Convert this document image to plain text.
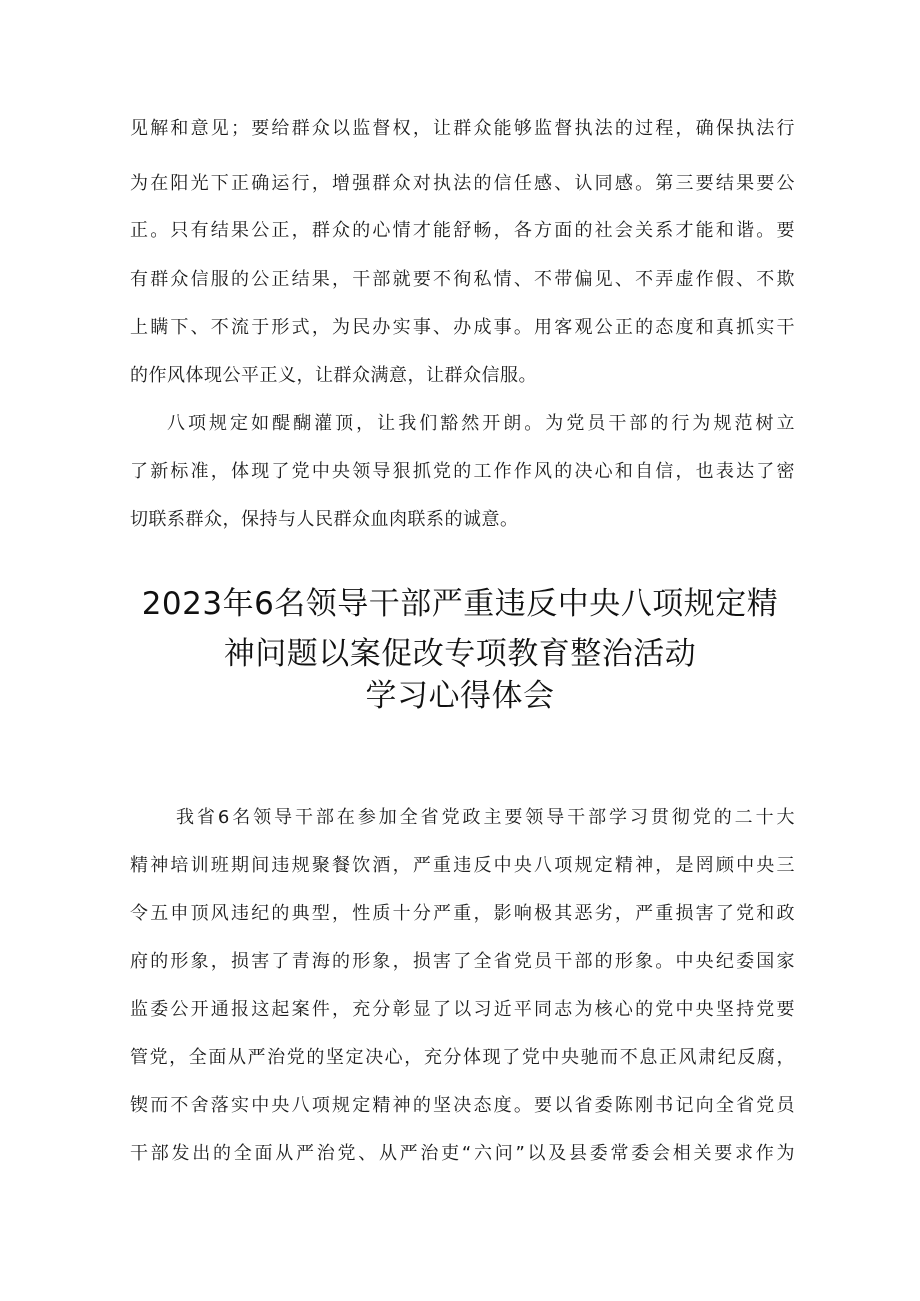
见解和意见；要给群众以监督权，让群众能够监督执法的过程，确保执法行
为在阳光下正确运行，增强群众对执法的信任感、认同感。第三要结果要公
正。只有结果公正，群众的心情才能舒畅，各方面的社会关系才能和谐。要
有群众信服的公正结果，干部就要不徇私情、不带偏见、不弄虚作假、不欺
上瞒下、不流于形式，为民办实事、办成事。用客观公正的态度和真抓实干
的作风体现公平正义，让群众满意，让群众信服。
八项规定如醍醐灌顶，让我们豁然开朗。为党员干部的行为规范树立
了新标准，体现了党中央领导狠抓党的工作作风的决心和自信，也表达了密
切联系群众，保持与人民群众血肉联系的诚意。
2023年6名领导干部严重违反中央八项规定精
神问题以案促改专项教育整治活动
学习心得体会
我省6名领导干部在参加全省党政主要领导干部学习贯彻党的二十大
精神培训班期间违规聚餐饮酒，严重违反中央八项规定精神，是罔顾中央三
令五申顶风违纪的典型，性质十分严重，影响极其恶劣，严重损害了党和政
府的形象，损害了青海的形象，损害了全省党员干部的形象。中央纪委国家
监委公开通报这起案件，充分彰显了以习近平同志为核心的党中央坚持党要
管党，全面从严治党的坚定决心，充分体现了党中央驰而不息正风肃纪反腐，
锲而不舍落实中央八项规定精神的坚决态度。要以省委陈刚书记向全省党员
干部发出的全面从严治党、从严治吏“六问”以及县委常委会相关要求作为
